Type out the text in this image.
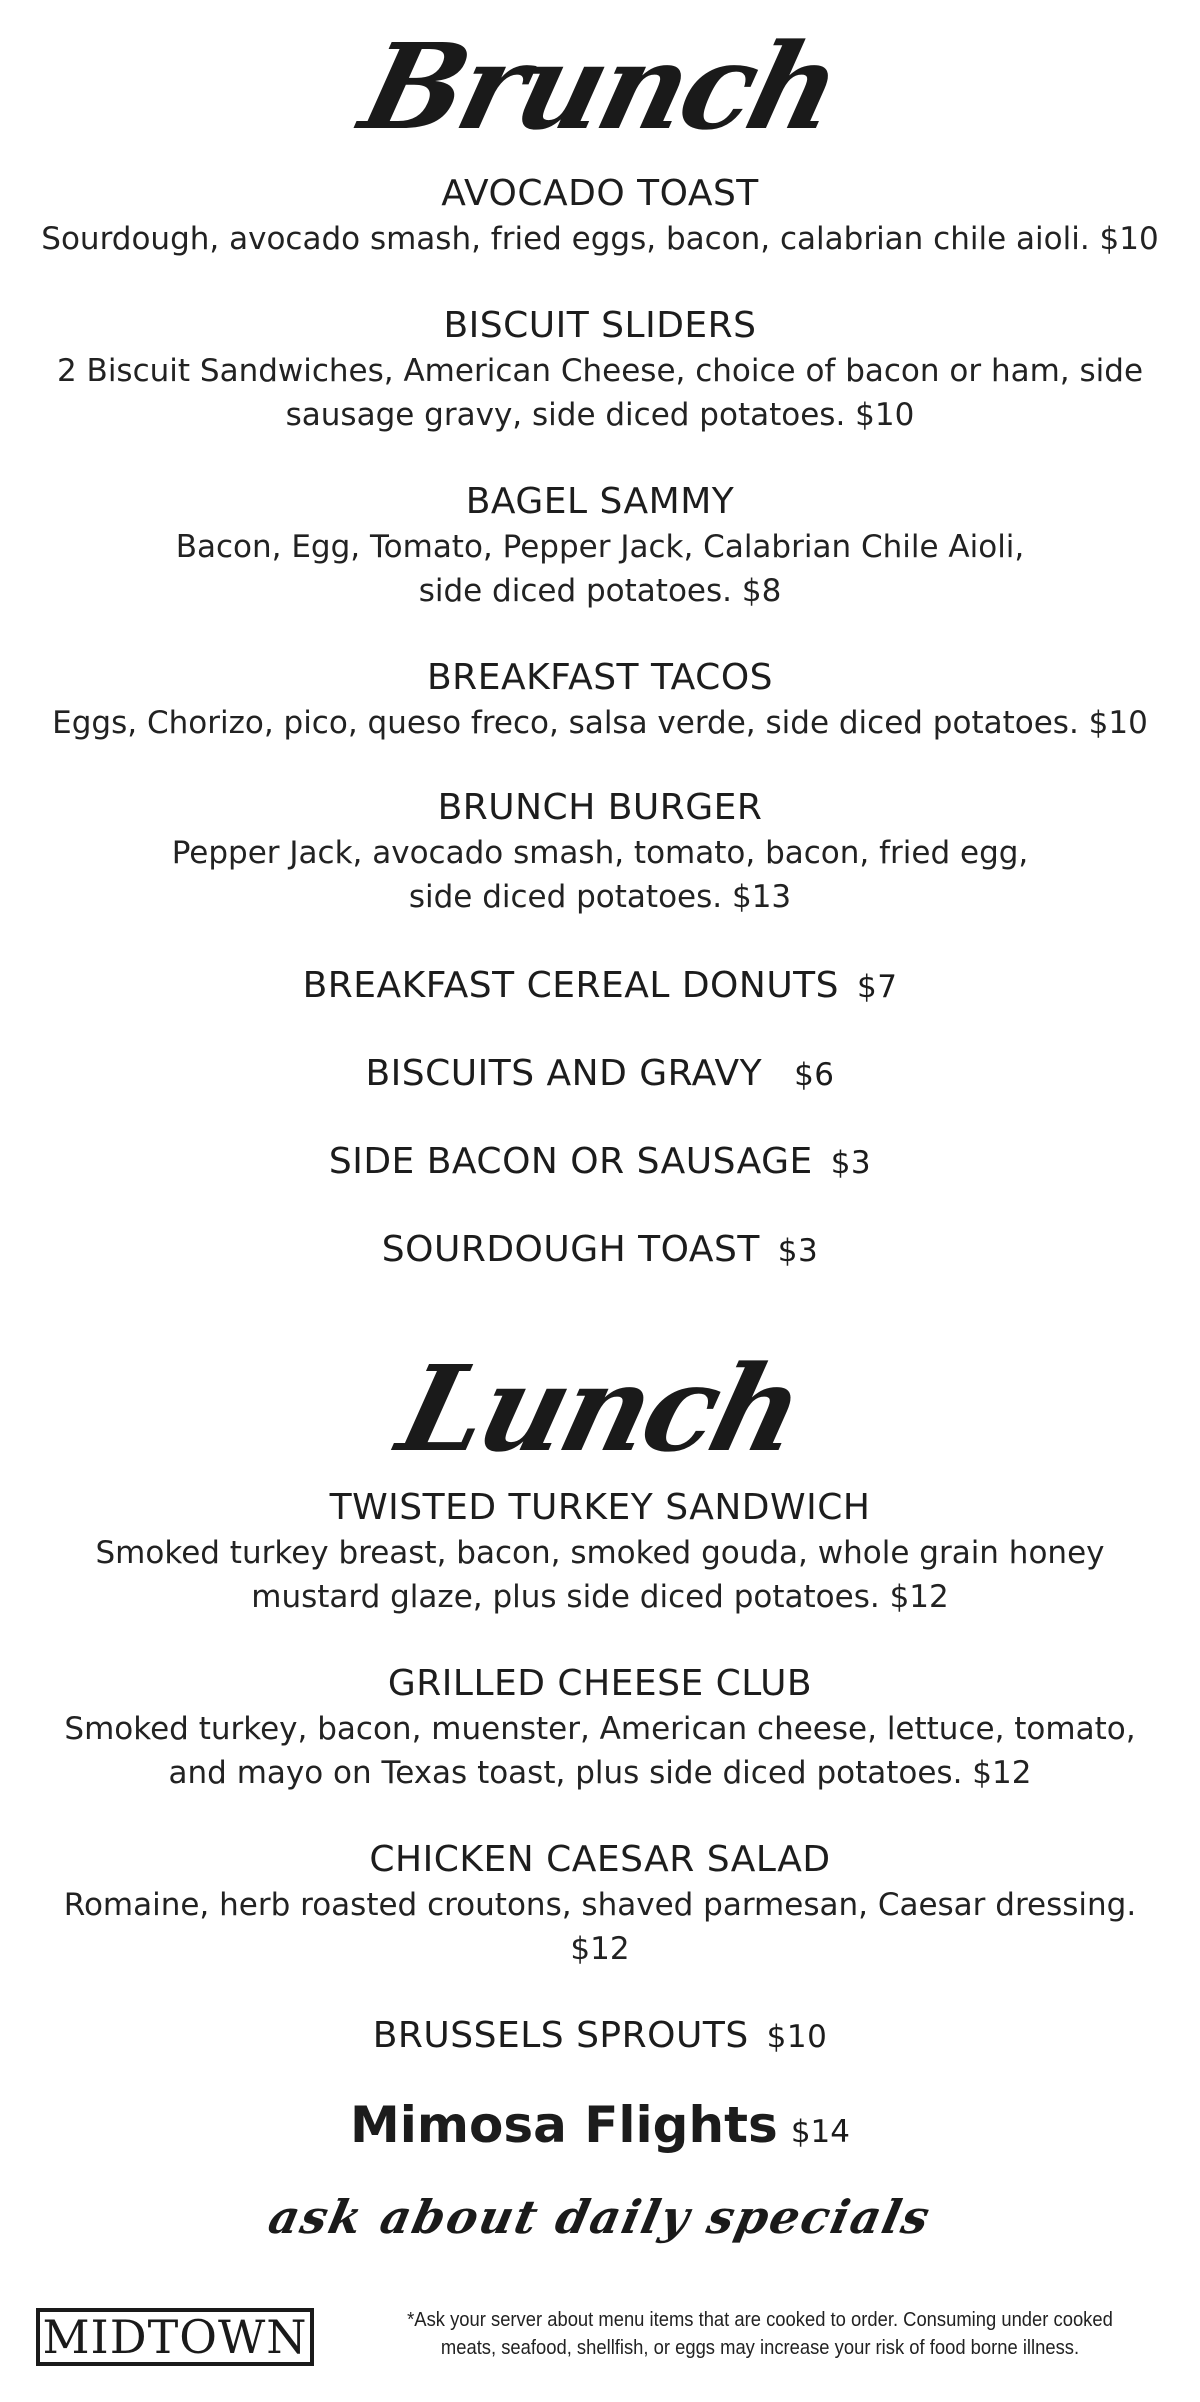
Brunch
AVOCADO TOAST
Sourdough, avocado smash, fried eggs, bacon, calabrian chile aioli. $10
BISCUIT SLIDERS
2 Biscuit Sandwiches, American Cheese, choice of bacon or ham, side
sausage gravy, side diced potatoes. $10
BAGEL SAMMY
Bacon, Egg, Tomato, Pepper Jack, Calabrian Chile Aioli,
side diced potatoes. $8
BREAKFAST TACOS
Eggs, Chorizo, pico, queso freco, salsa verde, side diced potatoes. $10
BRUNCH BURGER
Pepper Jack, avocado smash, tomato, bacon, fried egg,
side diced potatoes. $13
BREAKFAST CEREAL DONUTS $7
BISCUITS AND GRAVY $6
SIDE BACON OR SAUSAGE $3
SOURDOUGH TOAST $3
Lunch
TWISTED TURKEY SANDWICH
Smoked turkey breast, bacon, smoked gouda, whole grain honey
mustard glaze, plus side diced potatoes. $12
GRILLED CHEESE CLUB
Smoked turkey, bacon, muenster, American cheese, lettuce, tomato,
and mayo on Texas toast, plus side diced potatoes. $12
CHICKEN CAESAR SALAD
Romaine, herb roasted croutons, shaved parmesan, Caesar dressing.
$12
BRUSSELS SPROUTS $10
Mimosa Flights $14
ask about daily specials
MIDTOWN	*Ask your server about menu items that are cooked to order. Consuming under cooked
meats, seafood, shellfish, or eggs may increase your risk of food borne illness.
